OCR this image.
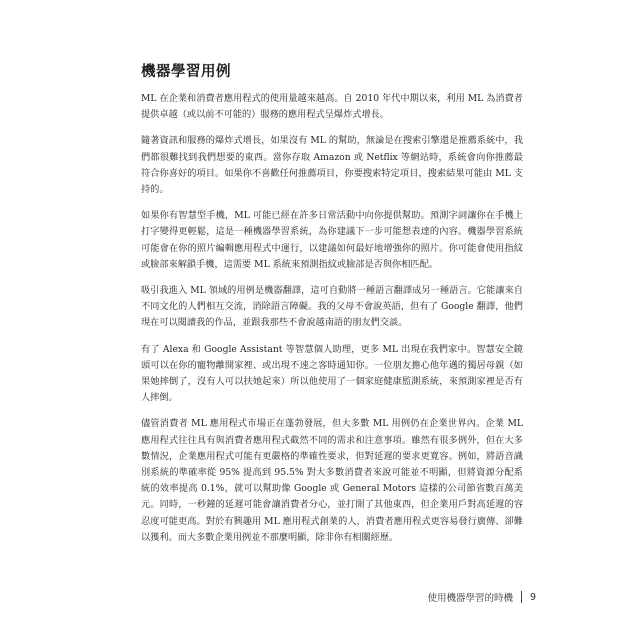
機器學習用例

ML 在企業和消費者應用程式的使用量越來越高。自 2010 年代中期以來，利用 ML 為消費者提供卓越（或以前不可能的）服務的應用程式呈爆炸式增長。

隨著資訊和服務的爆炸式增長，如果沒有 ML 的幫助，無論是在搜索引擎還是推薦系統中，我們都很難找到我們想要的東西。當你存取 Amazon 或 Netflix 等網站時，系統會向你推薦最符合你喜好的項目。如果你不喜歡任何推薦項目，你要搜索特定項目，搜索結果可能由 ML 支持的。

如果你有智慧型手機，ML 可能已經在許多日常活動中向你提供幫助。預測字詞讓你在手機上打字變得更輕鬆，這是一種機器學習系統，為你建議下一步可能想表達的內容。機器學習系統可能會在你的照片編輯應用程式中運行，以建議如何最好地增強你的照片。你可能會使用指紋或臉部來解鎖手機，這需要 ML 系統來預測指紋或臉部是否與你相匹配。

吸引我進入 ML 領域的用例是機器翻譯，這可自動將一種語言翻譯成另一種語言。它能讓來自不同文化的人們相互交流，消除語言障礙。我的父母不會說英語，但有了 Google 翻譯，他們現在可以閱讀我的作品，並跟我那些不會說越南語的朋友們交談。

有了 Alexa 和 Google Assistant 等智慧個人助理，更多 ML 出現在我們家中。智慧安全鏡頭可以在你的寵物離開家裡、或出現不速之客時通知你。一位朋友擔心他年邁的獨居母親（如果她摔倒了，沒有人可以扶她起來）所以他使用了一個家庭健康監測系統，來預測家裡是否有人摔倒。

儘管消費者 ML 應用程式市場正在蓬勃發展，但大多數 ML 用例仍在企業世界內。企業 ML 應用程式往往具有與消費者應用程式截然不同的需求和注意事項。雖然有很多例外，但在大多數情況，企業應用程式可能有更嚴格的準確性要求，但對延遲的要求更寬容。例如，將語音識別系統的準確率從 95% 提高到 95.5% 對大多數消費者來說可能並不明顯，但將資源分配系統的效率提高 0.1%，就可以幫助像 Google 或 General Motors 這樣的公司節省數百萬美元。同時，一秒鐘的延遲可能會讓消費者分心，並打開了其他東西，但企業用戶對高延遲的容忍度可能更高。對於有興趣用 ML 應用程式創業的人，消費者應用程式更容易發行廣傳、卻難以獲利。而大多數企業用例並不那麼明顯，除非你有相關經歷。

使用機器學習的時機 9
